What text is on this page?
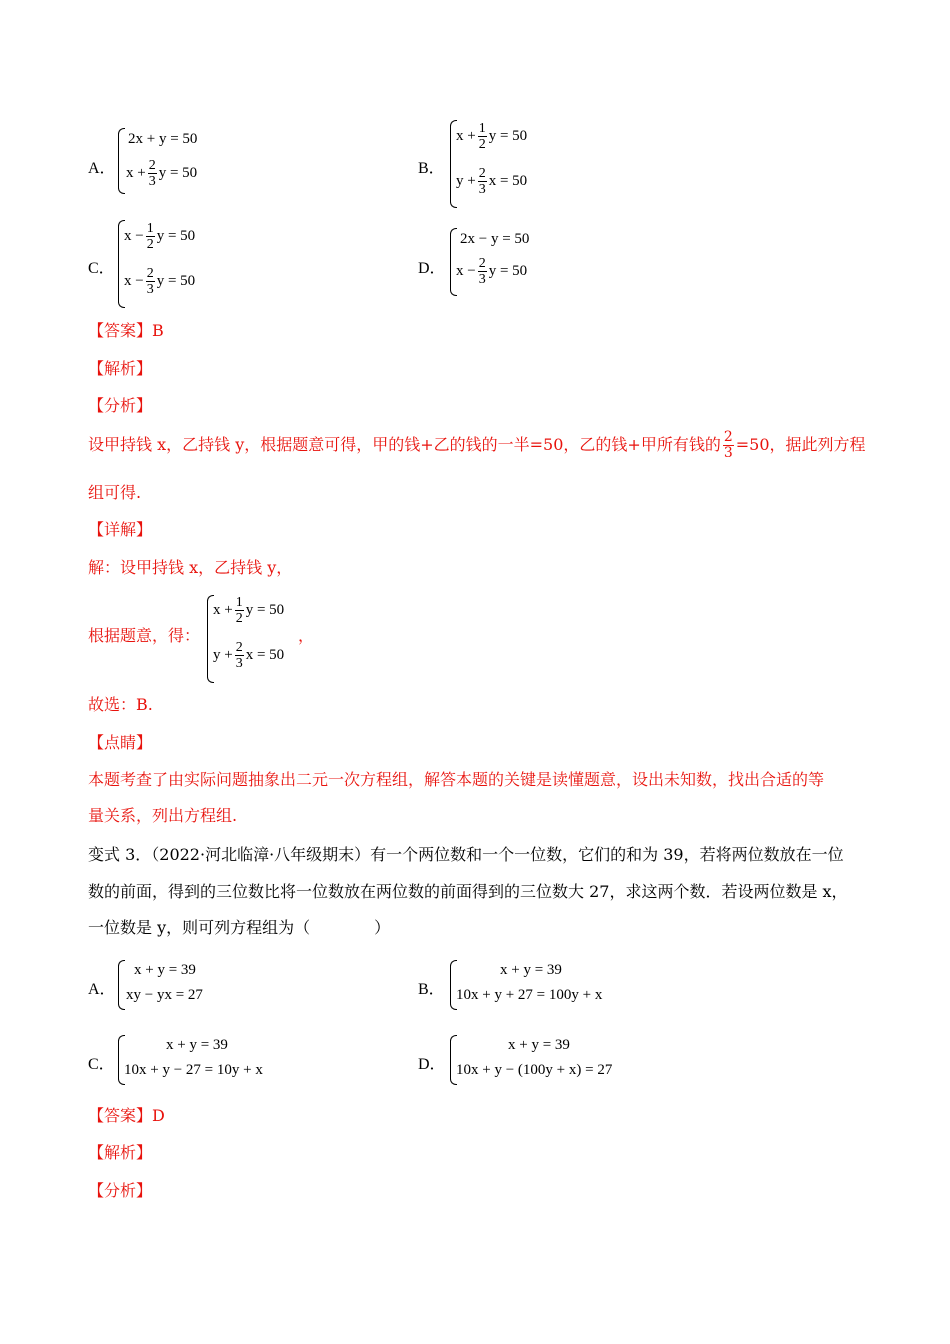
A．
2x + y = 50
$x + \frac{2}{3}$ y = 50	B．
$x + \frac{1}{2}$ y = 50
$y + \frac{2}{3}$ x = 50
C．
$x - \frac{1}{2}$ y = 50
$x - \frac{2}{3}$ y = 50
D．
2x − y = 50
$x - \frac{2}{3}$ y = 50
【答案】B
【解析】
【分析】
设甲持钱 x，乙持钱 y，根据题意可得，甲的钱+乙的钱的一半=50，乙的钱+甲所有钱的 $\frac{2}{3} =50$，据此列方程
组可得.
【详解】
解：设甲持钱 x，乙持钱 y，
根据题意，得：
$x + \frac{1}{2}$ y = 50
$y + \frac{2}{3}$ x = 50
，
故选：B.
【点睛】
本题考查了由实际问题抽象出二元一次方程组，解答本题的关键是读懂题意，设出未知数，找出合适的等
量关系，列出方程组.
变式 3．（2022·河北临漳·八年级期末）有一个两位数和一个一位数，它们的和为 39，若将两位数放在一位
数的前面，得到的三位数比将一位数放在两位数的前面得到的三位数大 27，求这两个数．若设两位数是 x，
一位数是 y，则可列方程组为（　　　　）
A．
x + y = 39
xy − yx = 27	B．
x + y = 39
10x + y + 27 = 100y + x
C．
x + y = 39
10x + y − 27 = 10y + x	D．
x + y = 39
10x + y − (100y + x) = 27
【答案】D
【解析】
【分析】
